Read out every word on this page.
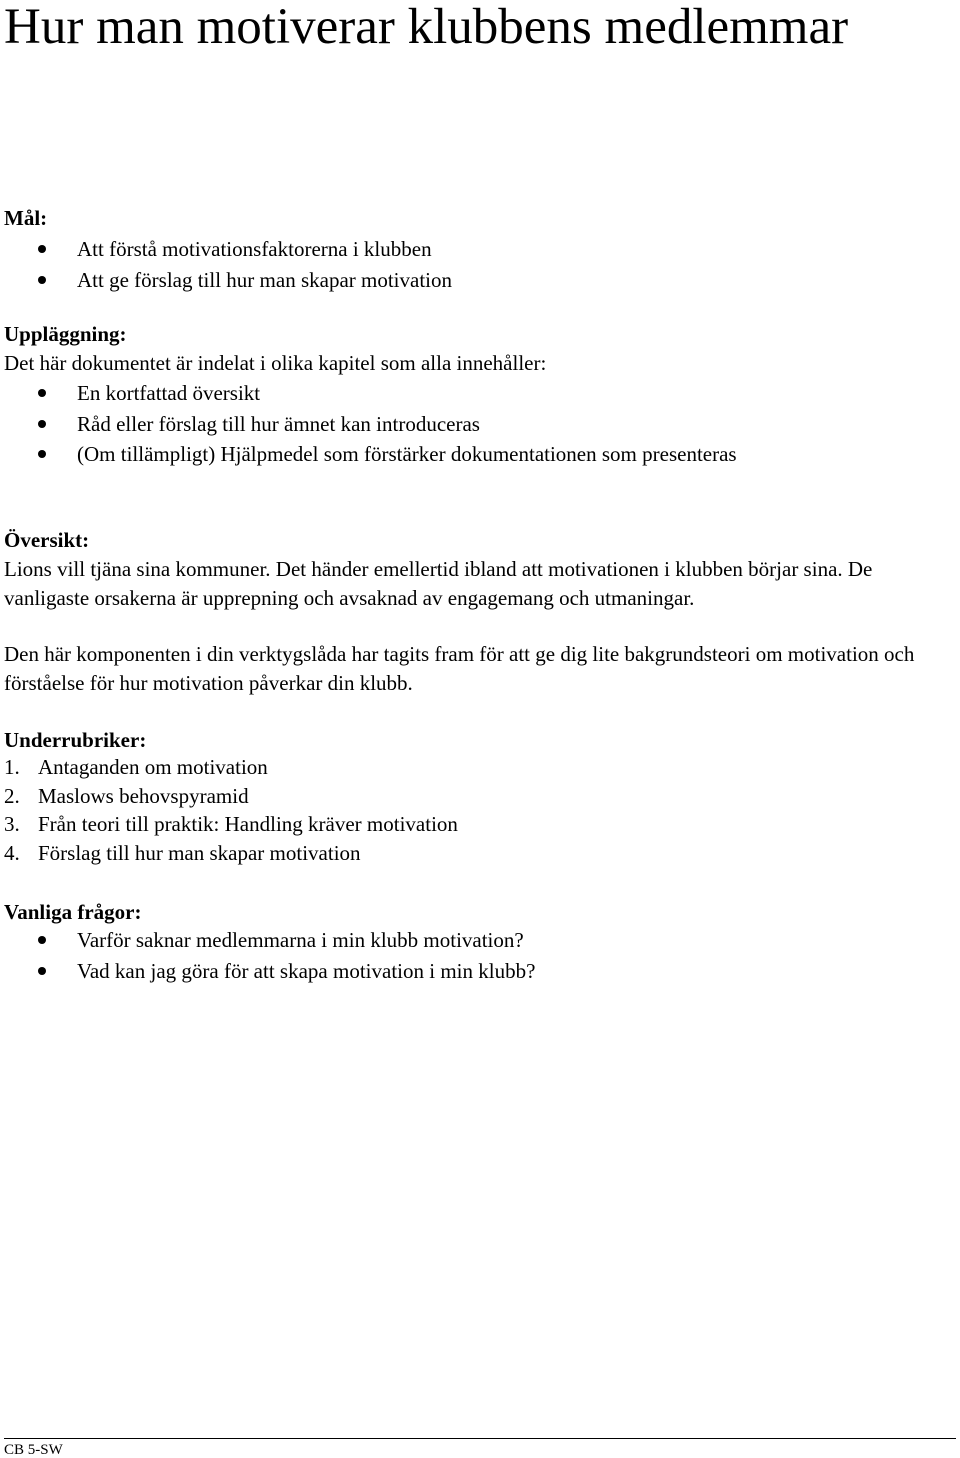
Hur man motiverar klubbens medlemmar
Mål:
Att förstå motivationsfaktorerna i klubben
Att ge förslag till hur man skapar motivation
Uppläggning:
Det här dokumentet är indelat i olika kapitel som alla innehåller:
En kortfattad översikt
Råd eller förslag till hur ämnet kan introduceras
(Om tillämpligt) Hjälpmedel som förstärker dokumentationen som presenteras
Översikt:

Lions vill tjäna sina kommuner. Det händer emellertid ibland att motivationen i klubben börjar sina. De vanligaste orsakerna är upprepning och avsaknad av engagemang och utmaningar.

Den här komponenten i din verktygslåda har tagits fram för att ge dig lite bakgrundsteori om motivation och förståelse för hur motivation påverkar din klubb.

Underrubriker:
1. Antaganden om motivation
2. Maslows behovspyramid
3. Från teori till praktik: Handling kräver motivation
4. Förslag till hur man skapar motivation
Vanliga frågor:
Varför saknar medlemmarna i min klubb motivation?
Vad kan jag göra för att skapa motivation i min klubb?
CB 5-SW
